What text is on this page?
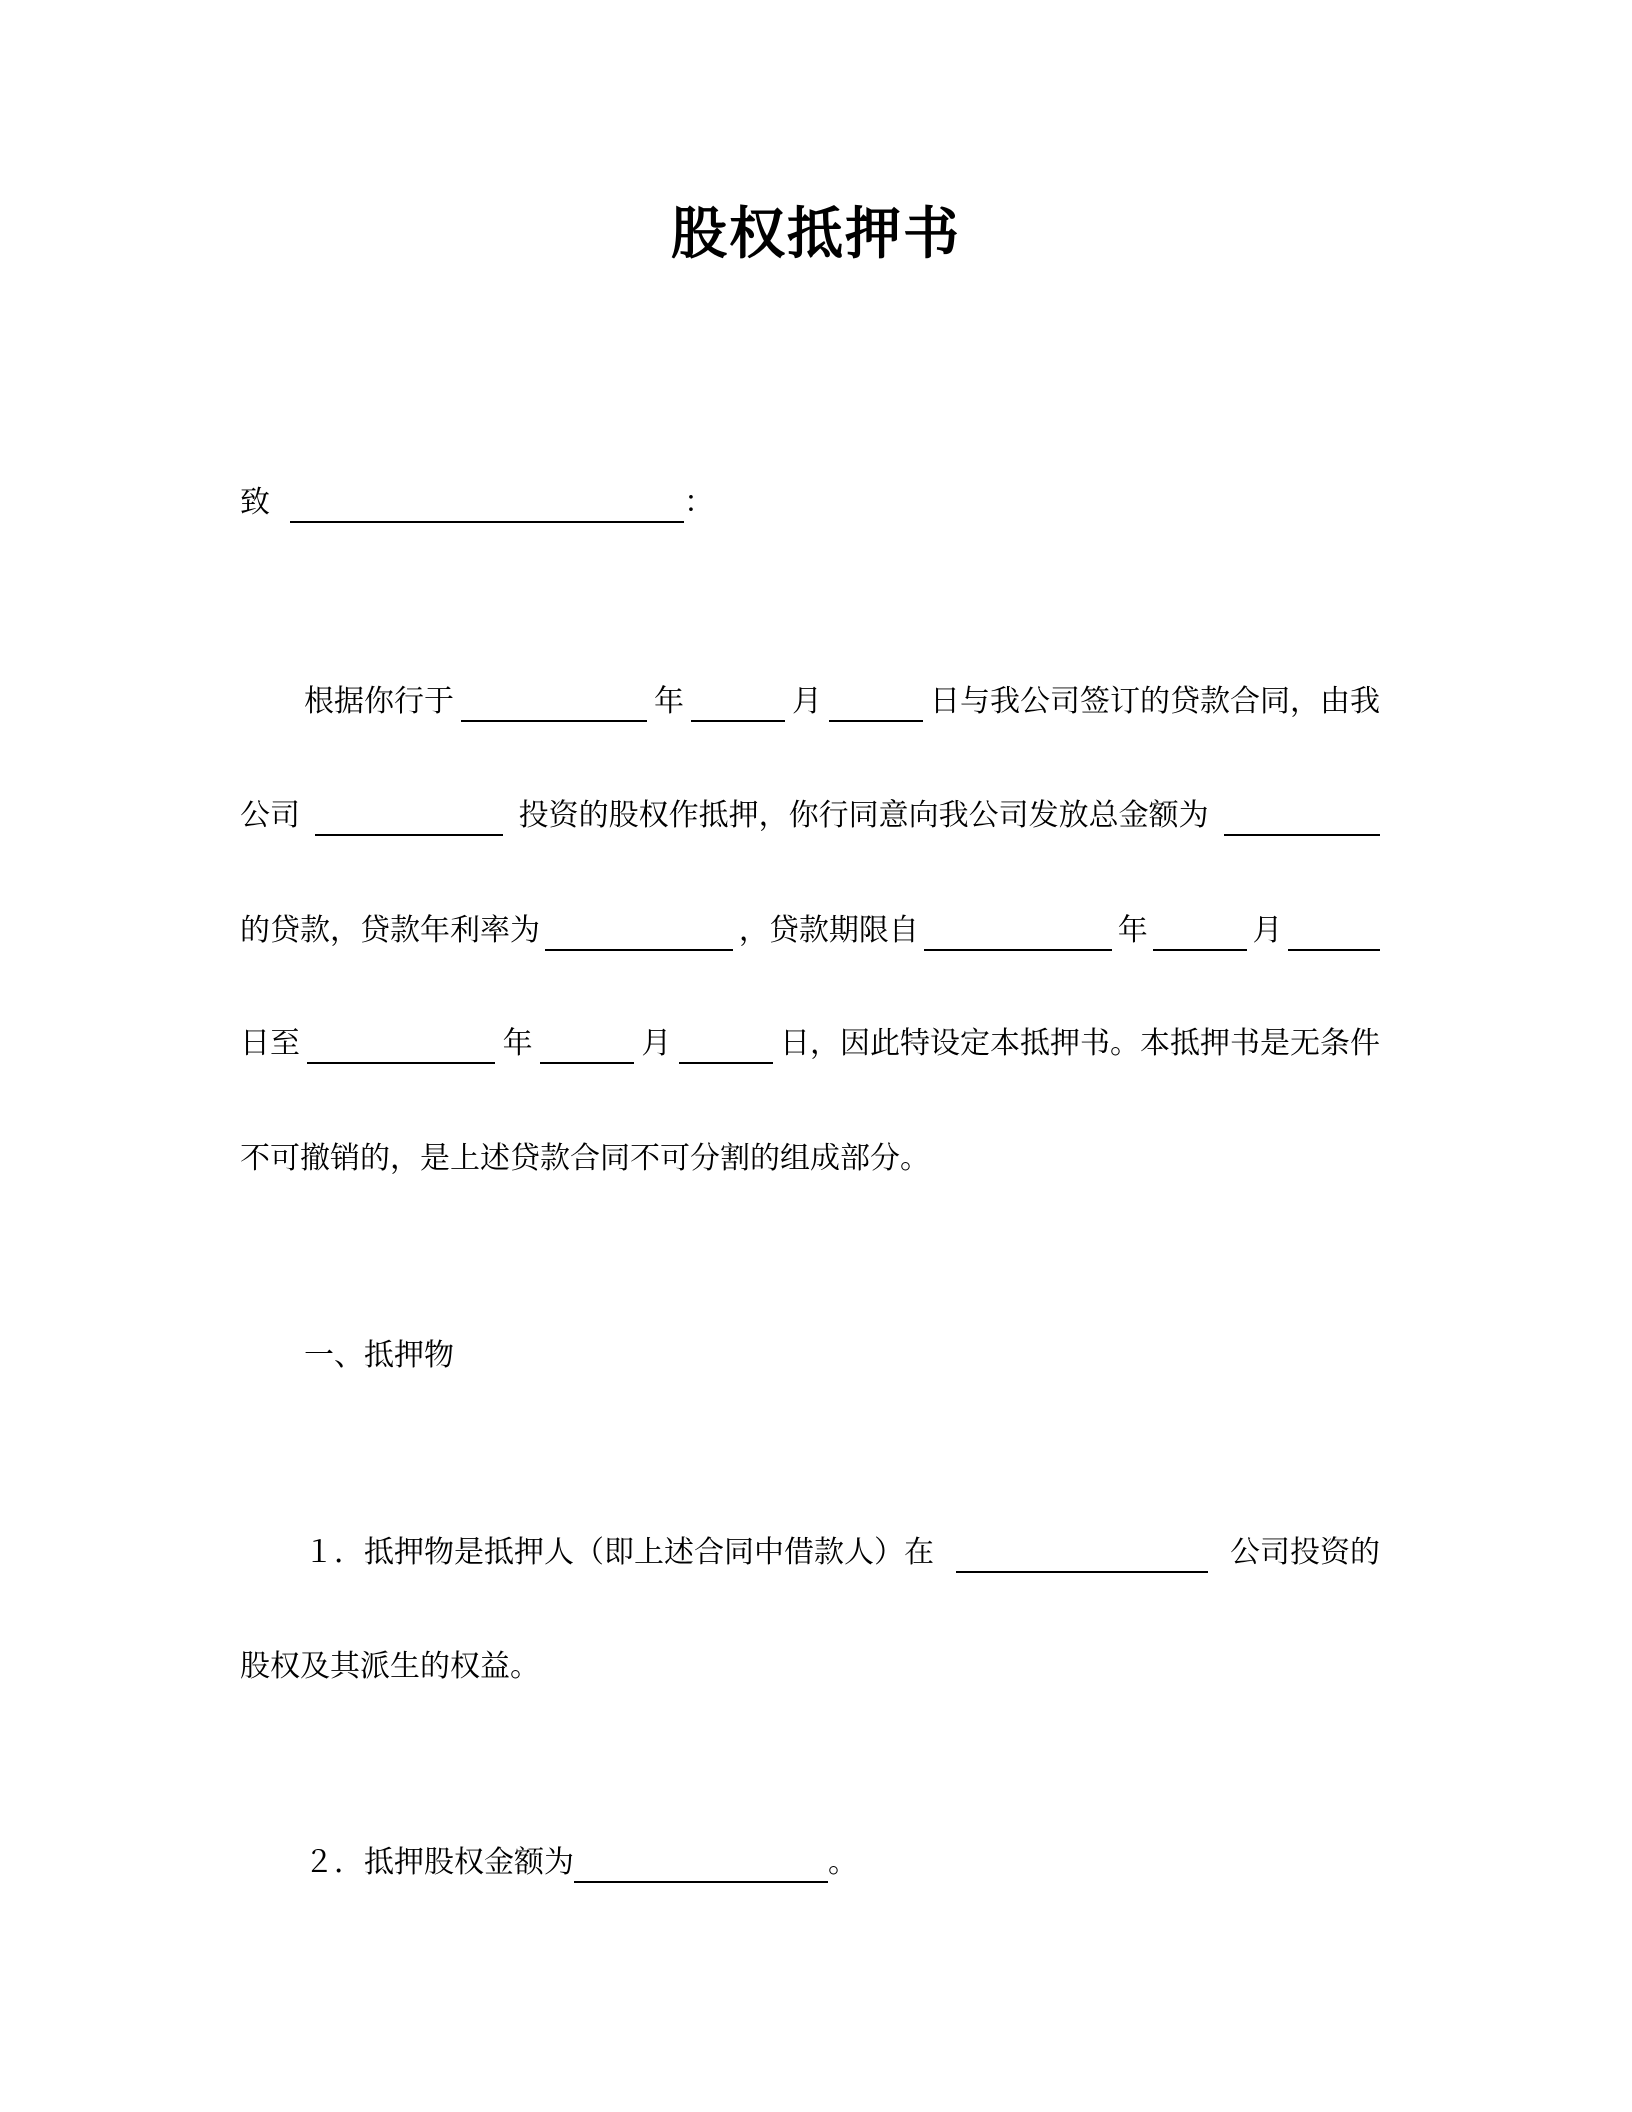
股权抵押书
致	：
根据你行于	年	月	日与我公司签订的贷款合同，由我
公司	投资的股权作抵押，你行同意向我公司发放总金额为
的贷款，贷款年利率为	，贷款期限自	年	月
日至	年	月	日，因此特设定本抵押书。本抵押书是无条件
不可撤销的，是上述贷款合同不可分割的组成部分。
一、抵押物
１．抵押物是抵押人（即上述合同中借款人）在	公司投资的
股权及其派生的权益。
２．抵押股权金额为	。
